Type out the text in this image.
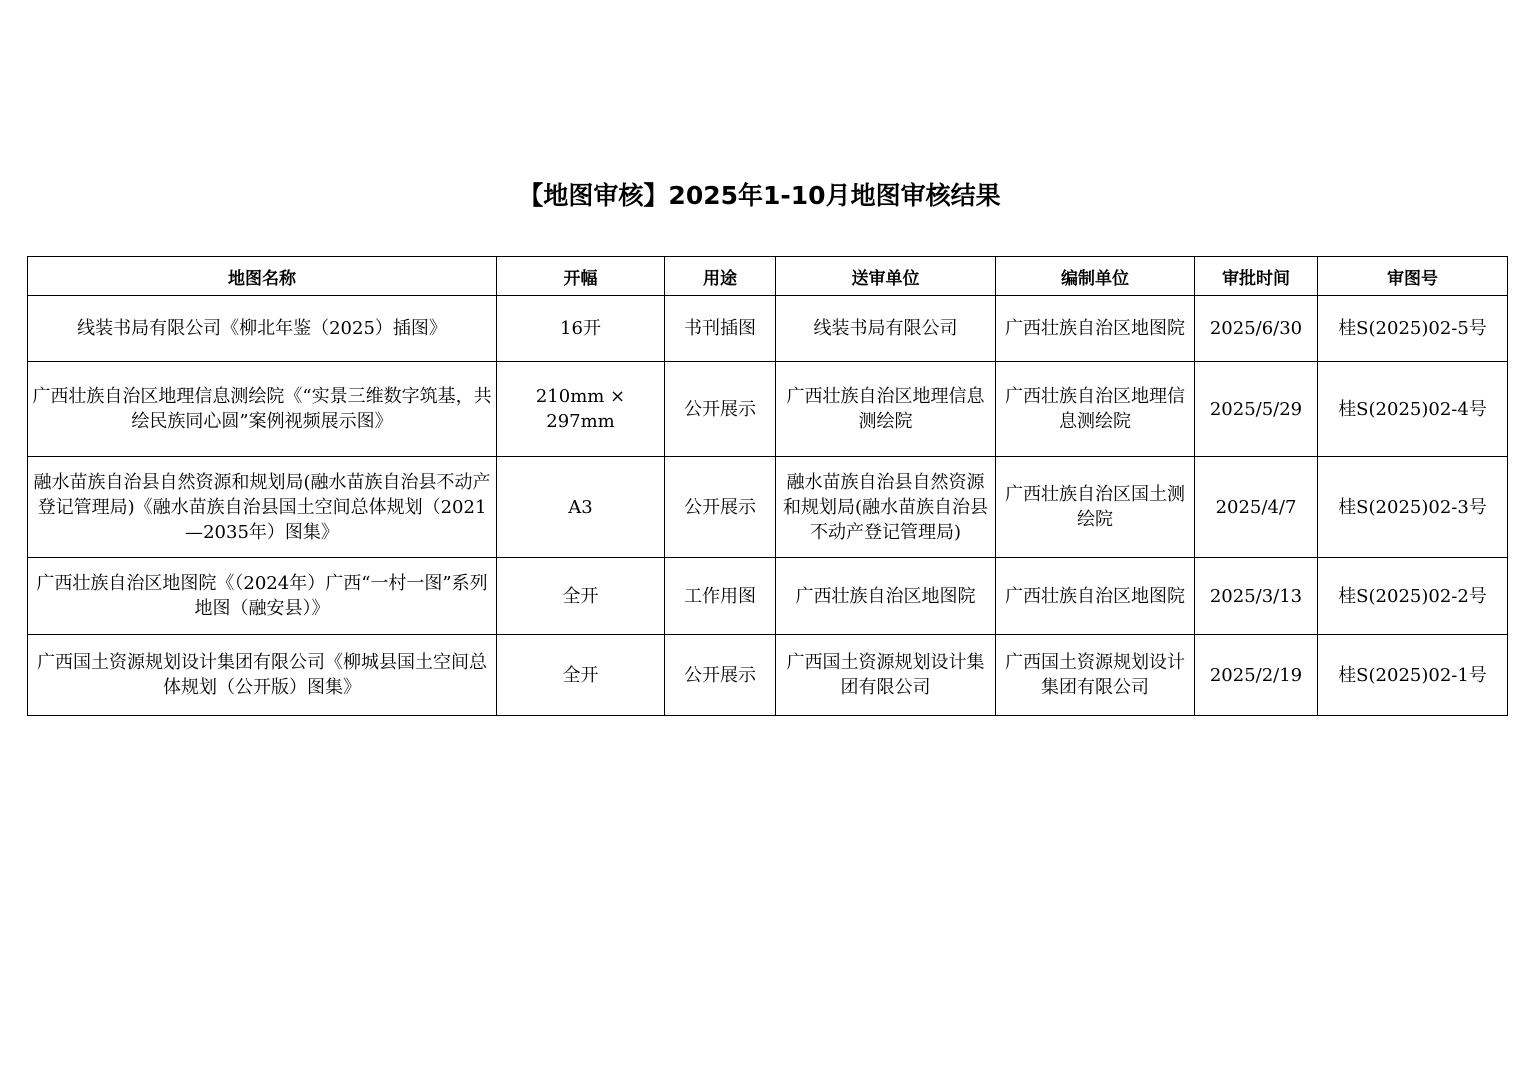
【地图审核】2025年1-10月地图审核结果
地图名称	开幅	用途	送审单位	编制单位	审批时间	审图号
线装书局有限公司《柳北年鉴（2025）插图》	16开	书刊插图	线装书局有限公司	广西壮族自治区地图院	2025/6/30	桂S(2025)02-5号
广西壮族自治区地理信息测绘院《“实景三维数字筑基，共绘民族同心圆”案例视频展示图》	210mm × 297mm	公开展示	广西壮族自治区地理信息测绘院	广西壮族自治区地理信息测绘院	2025/5/29	桂S(2025)02-4号
融水苗族自治县自然资源和规划局(融水苗族自治县不动产登记管理局)《融水苗族自治县国土空间总体规划（2021—2035年）图集》	A3	公开展示	融水苗族自治县自然资源和规划局(融水苗族自治县不动产登记管理局)	广西壮族自治区国土测绘院	2025/4/7	桂S(2025)02-3号
广西壮族自治区地图院《（2024年）广西“一村一图”系列地图（融安县）》	全开	工作用图	广西壮族自治区地图院	广西壮族自治区地图院	2025/3/13	桂S(2025)02-2号
广西国土资源规划设计集团有限公司《柳城县国土空间总体规划（公开版）图集》	全开	公开展示	广西国土资源规划设计集团有限公司	广西国土资源规划设计集团有限公司	2025/2/19	桂S(2025)02-1号
